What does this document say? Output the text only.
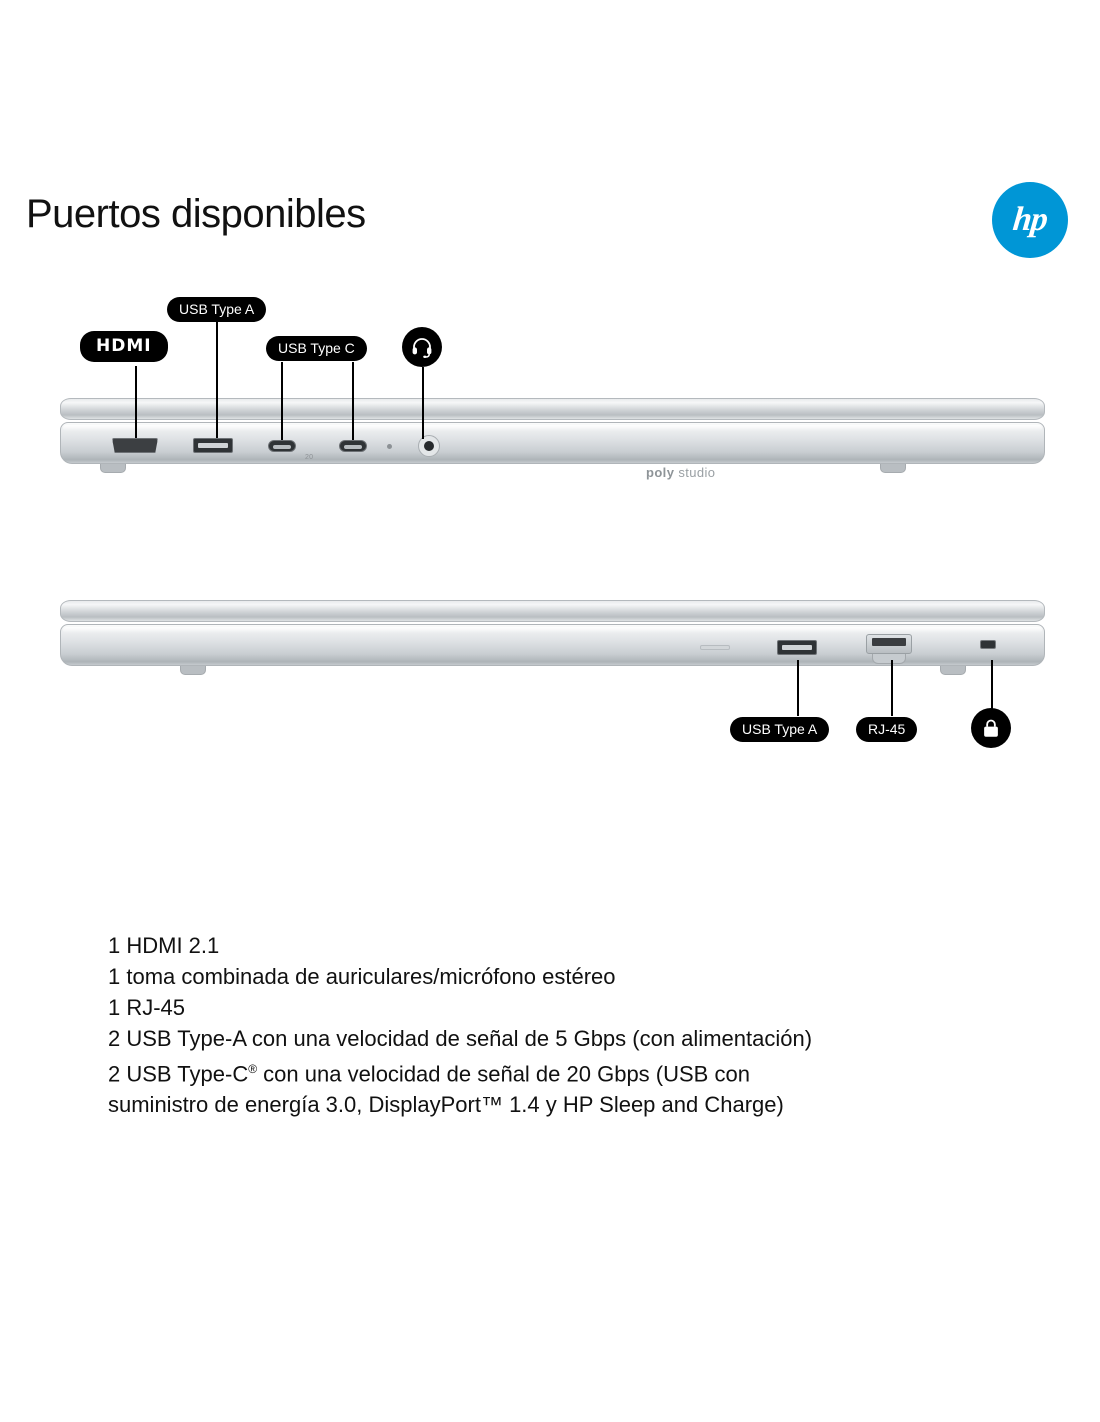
Puertos disponibles	hp
poly studio
20
HDMI
USB Type A
USB Type C
USB Type A	RJ-45
1 HDMI 2.1
1 toma combinada de auriculares/micrófono estéreo
1 RJ-45
2 USB Type-A con una velocidad de señal de 5 Gbps (con alimentación)
2 USB Type-C® con una velocidad de señal de 20 Gbps (USB con
suministro de energía 3.0, DisplayPort™ 1.4 y HP Sleep and Charge)
